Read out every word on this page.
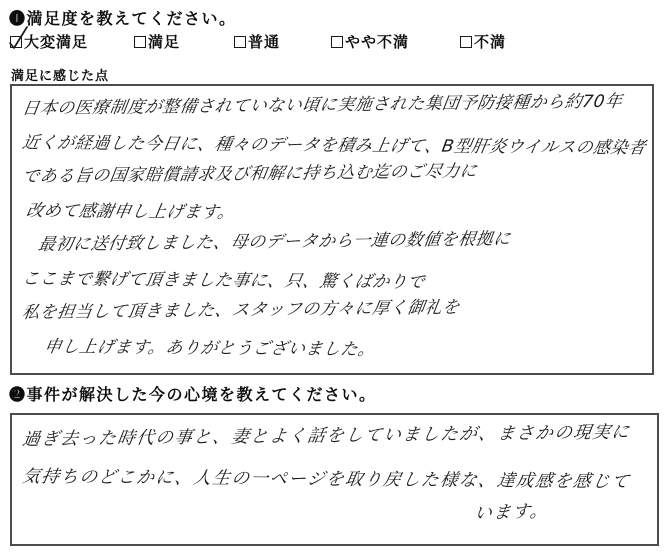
❶満足度を教えてください。
大変満足	満足	普通	やや不満	不満
満足に感じた点
日本の医療制度が整備されていない頃に実施された集団予防接種から約70年
近くが経過した今日に、種々のデータを積み上げて、B型肝炎ウイルスの感染者
である旨の国家賠償請求及び和解に持ち込む迄のご尽力に
改めて感謝申し上げます。
最初に送付致しました、母のデータから一連の数値を根拠に
ここまで繋げて頂きました事に、只、驚くばかりで
私を担当して頂きました、スタッフの方々に厚く御礼を
申し上げます。ありがとうございました。
❷事件が解決した今の心境を教えてください。
過ぎ去った時代の事と、妻とよく話をしていましたが、まさかの現実に
気持ちのどこかに、人生の一ページを取り戻した様な、達成感を感じて
います。
